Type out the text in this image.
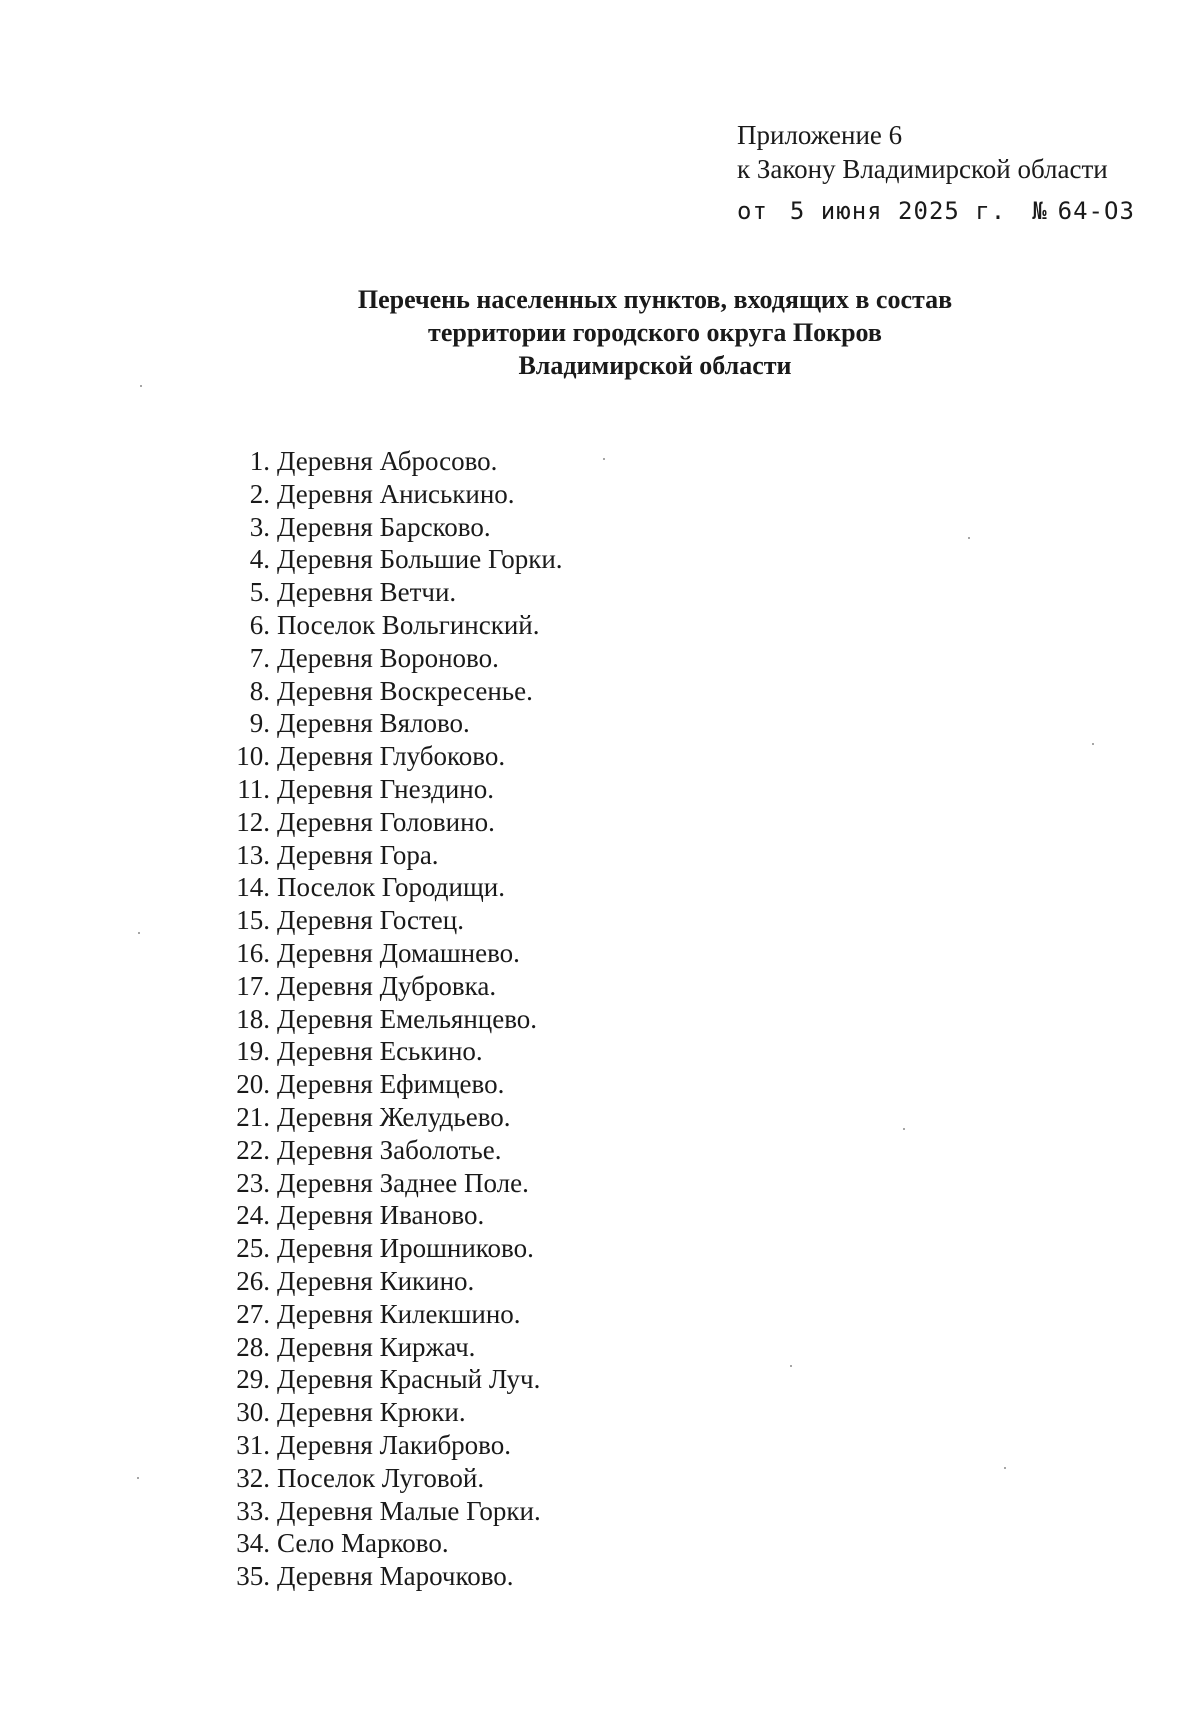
Приложение 6
к Закону Владимирской области
от 5 июня 2025 г. № 64-ОЗ
Перечень населенных пунктов, входящих в состав
территории городского округа Покров
Владимирской области
1. Деревня Абросово.
2. Деревня Аниськино.
3. Деревня Барсково.
4. Деревня Большие Горки.
5. Деревня Ветчи.
6. Поселок Вольгинский.
7. Деревня Вороново.
8. Деревня Воскресенье.
9. Деревня Вялово.
10. Деревня Глубоково.
11. Деревня Гнездино.
12. Деревня Головино.
13. Деревня Гора.
14. Поселок Городищи.
15. Деревня Гостец.
16. Деревня Домашнево.
17. Деревня Дубровка.
18. Деревня Емельянцево.
19. Деревня Еськино.
20. Деревня Ефимцево.
21. Деревня Желудьево.
22. Деревня Заболотье.
23. Деревня Заднее Поле.
24. Деревня Иваново.
25. Деревня Ирошниково.
26. Деревня Кикино.
27. Деревня Килекшино.
28. Деревня Киржач.
29. Деревня Красный Луч.
30. Деревня Крюки.
31. Деревня Лакиброво.
32. Поселок Луговой.
33. Деревня Малые Горки.
34. Село Марково.
35. Деревня Марочково.
